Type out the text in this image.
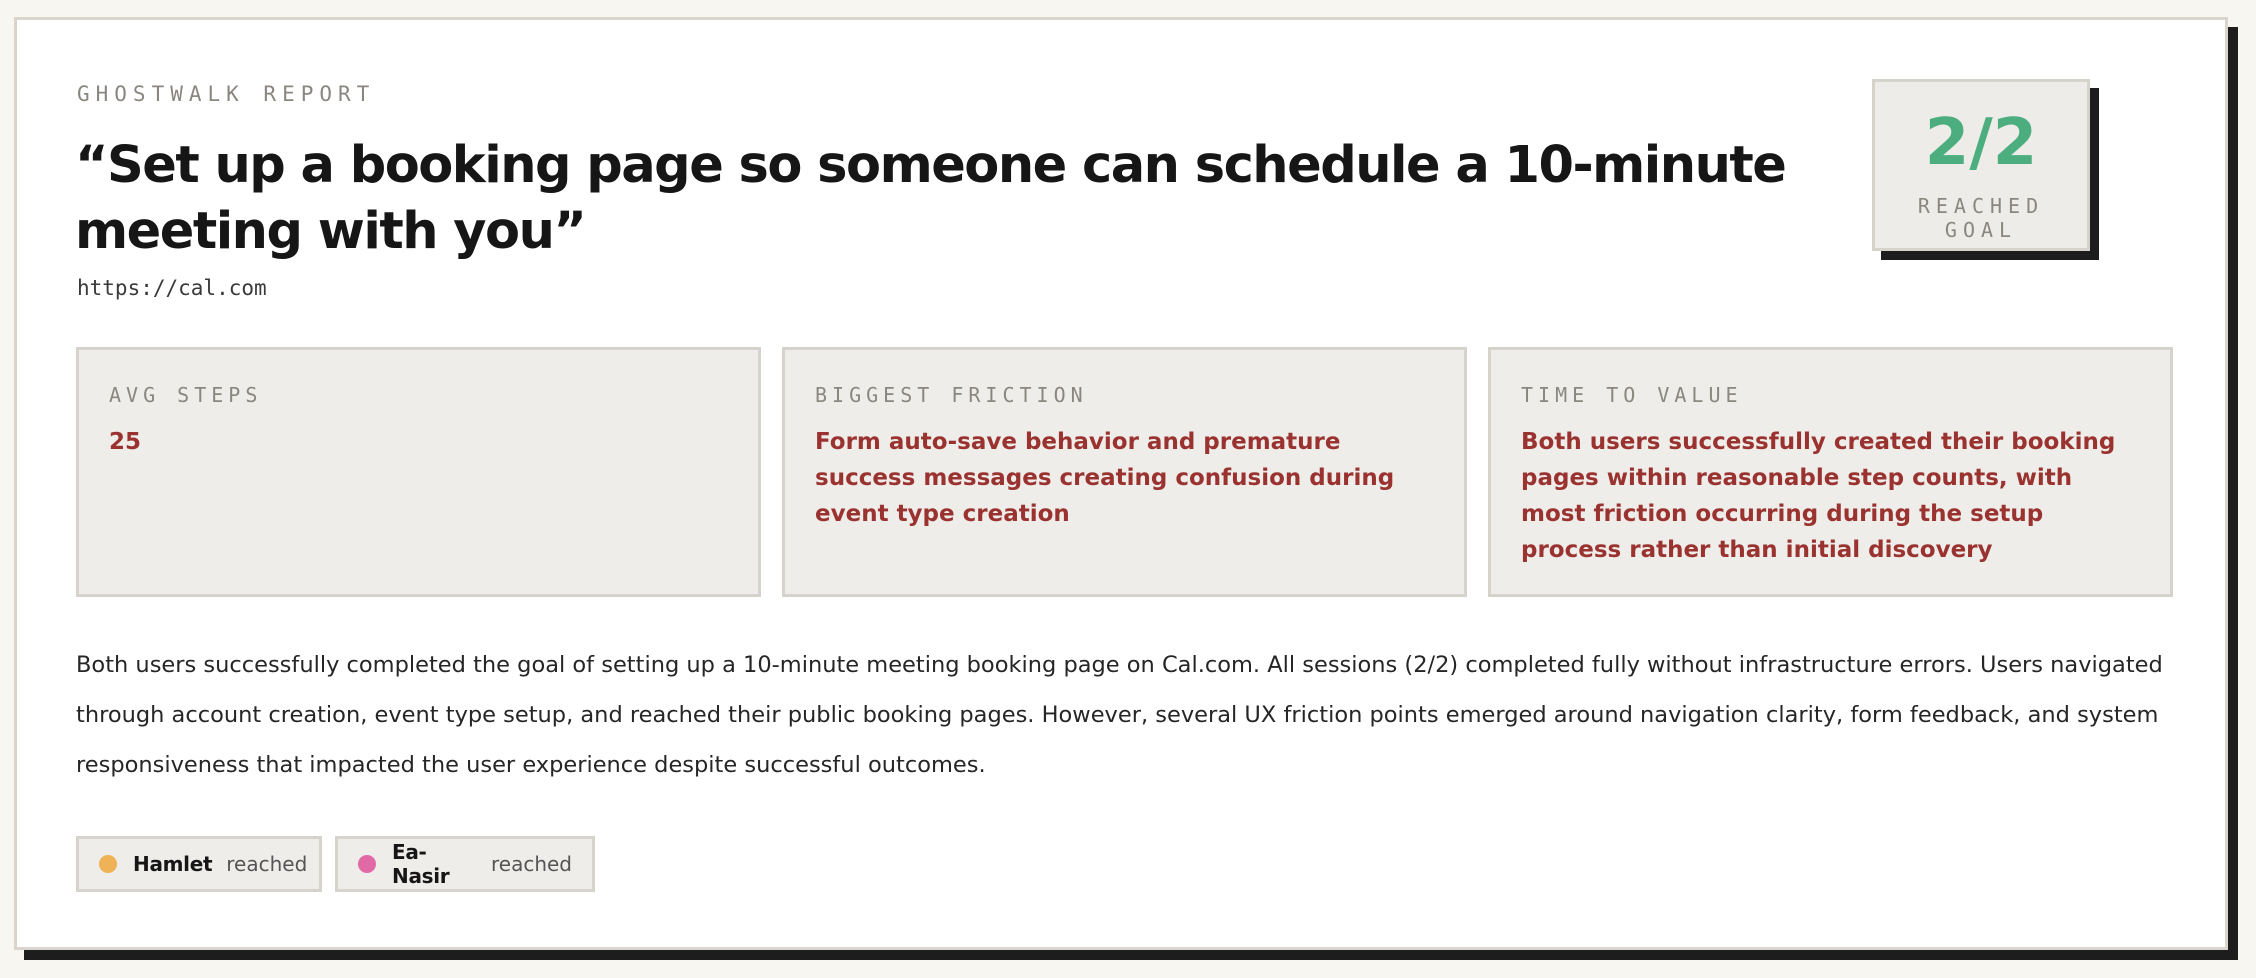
GHOSTWALK REPORT
“Set up a booking page so someone can schedule a 10-minute meeting with you”
https://cal.com
2/2
REACHED GOAL
AVG STEPS
25
BIGGEST FRICTION
Form auto-save behavior and premature success messages creating confusion during event type creation
TIME TO VALUE
Both users successfully created their booking pages within reasonable step counts, with most friction occurring during the setup process rather than initial discovery

Both users successfully completed the goal of setting up a 10-minute meeting booking page on Cal.com. All sessions (2/2) completed fully without infrastructure errors. Users navigated through account creation, event type setup, and reached their public booking pages. However, several UX friction points emerged around navigation clarity, form feedback, and system responsiveness that impacted the user experience despite successful outcomes.

Hamlet reached	Ea-Nasir	reached
